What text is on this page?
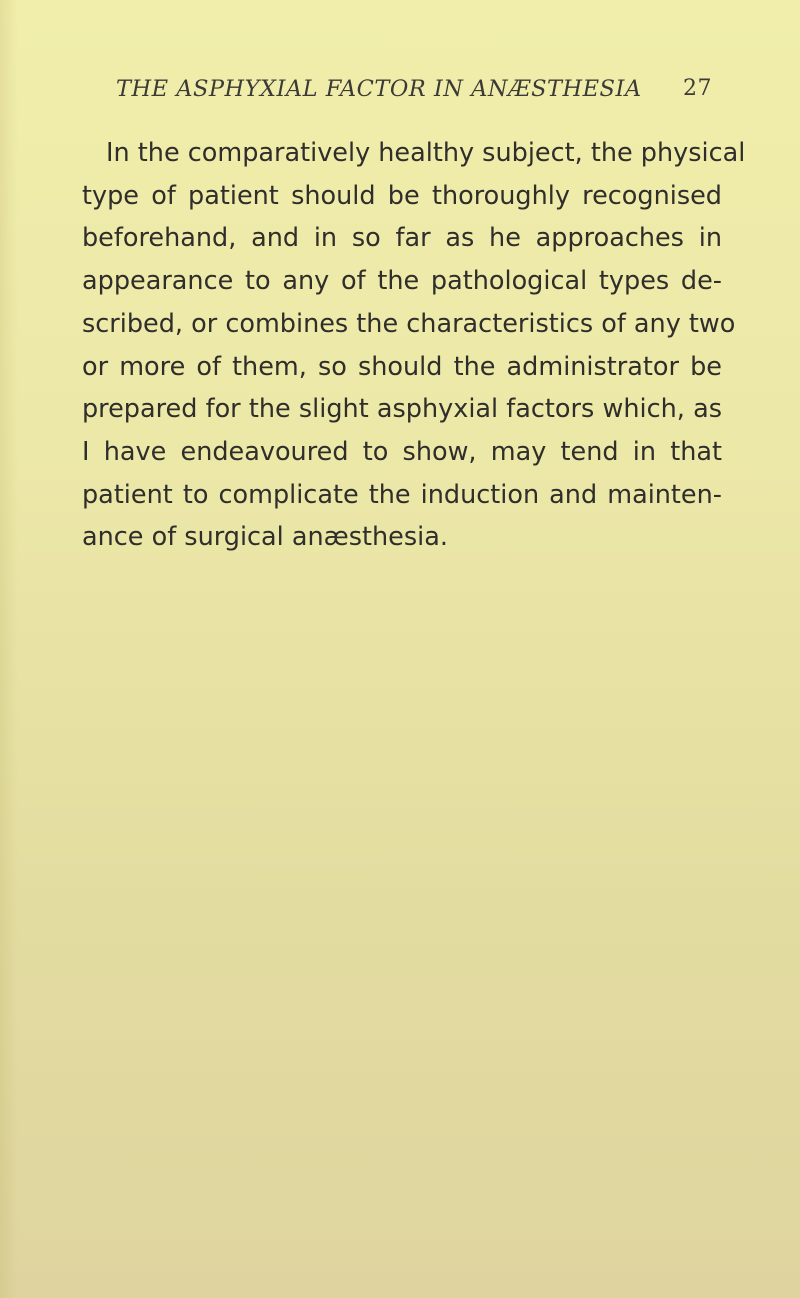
THE ASPHYXIAL FACTOR IN ANÆSTHESIA 27
In the comparatively healthy subject, the physical
type of patient should be thoroughly recognised
beforehand, and in so far as he approaches in
appearance to any of the pathological types de-
scribed, or combines the characteristics of any two
or more of them, so should the administrator be
prepared for the slight asphyxial factors which, as
I have endeavoured to show, may tend in that
patient to complicate the induction and mainten-
ance of surgical anæsthesia.
